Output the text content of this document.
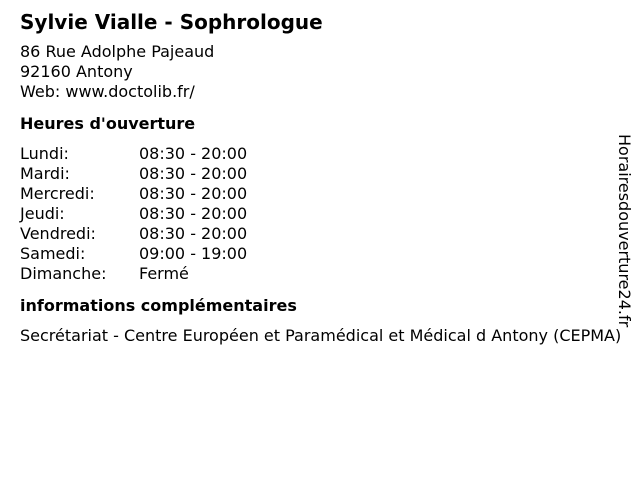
Sylvie Vialle - Sophrologue
86 Rue Adolphe Pajeaud
92160 Antony
Web: www.doctolib.fr/
Heures d'ouverture
Lundi:	08:30 - 20:00
Mardi:	08:30 - 20:00
Mercredi:	08:30 - 20:00
Jeudi:	08:30 - 20:00
Vendredi:	08:30 - 20:00
Samedi:	09:00 - 19:00
Dimanche:	Fermé
informations complémentaires
Secrétariat - Centre Européen et Paramédical et Médical d Antony (CEPMA)
Horairesdouverture24.fr
